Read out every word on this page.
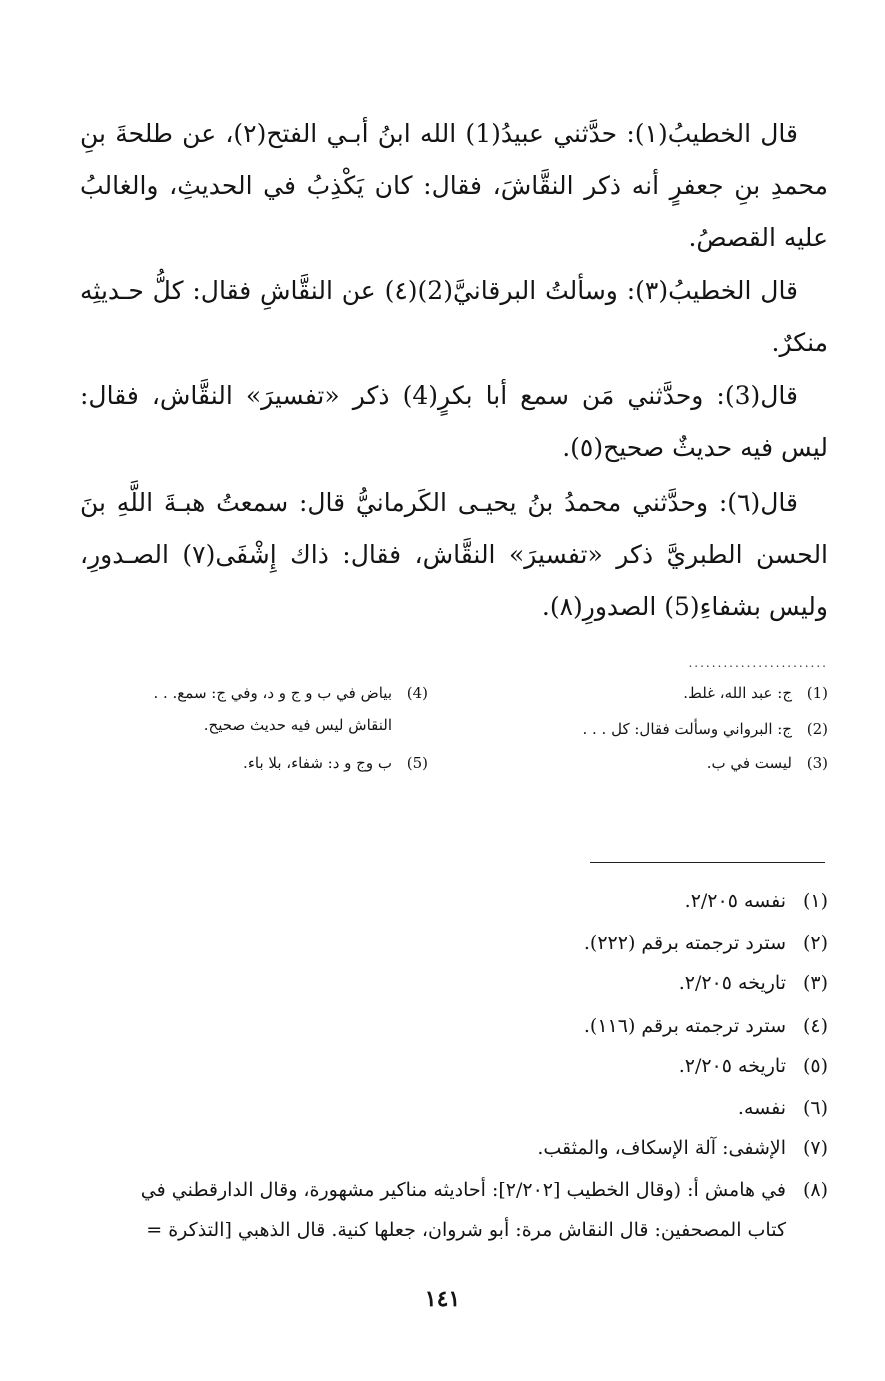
قال الخطيبُ(١): حدَّثني عبيدُ(1) الله ابنُ أبـي الفتح(٢)، عن طلحةَ بنِ محمدِ بنِ جعفرٍ أنه ذكر النقَّاشَ، فقال: كان يَكْذِبُ في الحديثِ، والغالبُ عليه القصصُ.

قال الخطيبُ(٣): وسألتُ البرقانيَّ(2)(٤) عن النقَّاشِ فقال: كلُّ حـديثِه منكرٌ.

قال(3): وحدَّثني مَن سمع أبا بكرٍ(4) ذكر «تفسيرَ» النقَّاش، فقال: ليس فيه حديثٌ صحيح(٥).

قال(٦): وحدَّثني محمدُ بنُ يحيـى الكَرمانيُّ قال: سمعتُ هبـةَ اللَّهِ بنَ الحسن الطبريَّ ذكر «تفسيرَ» النقَّاش، فقال: ذاك إِشْفَى(٧) الصـدورِ، وليس بشفاءِ(5) الصدورِ(٨).

........................
(1)ج: عبد الله، غلط.
(2)ج: البرواني وسألت فقال: كل . . .
(3)ليست في ب.
(4)بياض في ب و ج و د، وفي ج: سمع. . .
النقاش ليس فيه حديث صحيح.
(5)ب وج و د: شفاء، بلا باء.
(١)نفسه ٢/٢٠٥.
(٢)سترد ترجمته برقم (٢٢٢).
(٣)تاريخه ٢/٢٠٥.
(٤)سترد ترجمته برقم (١١٦).
(٥)تاريخه ٢/٢٠٥.
(٦)نفسه.
(٧)الإشفى: آلة الإسكاف، والمثقب.
(٨)في هامش أ: (وقال الخطيب [٢/٢٠٢]: أحاديثه مناكير مشهورة، وقال الدارقطني في
كتاب المصحفين: قال النقاش مرة: أبو شروان، جعلها كنية. قال الذهبي [التذكرة =
١٤١
